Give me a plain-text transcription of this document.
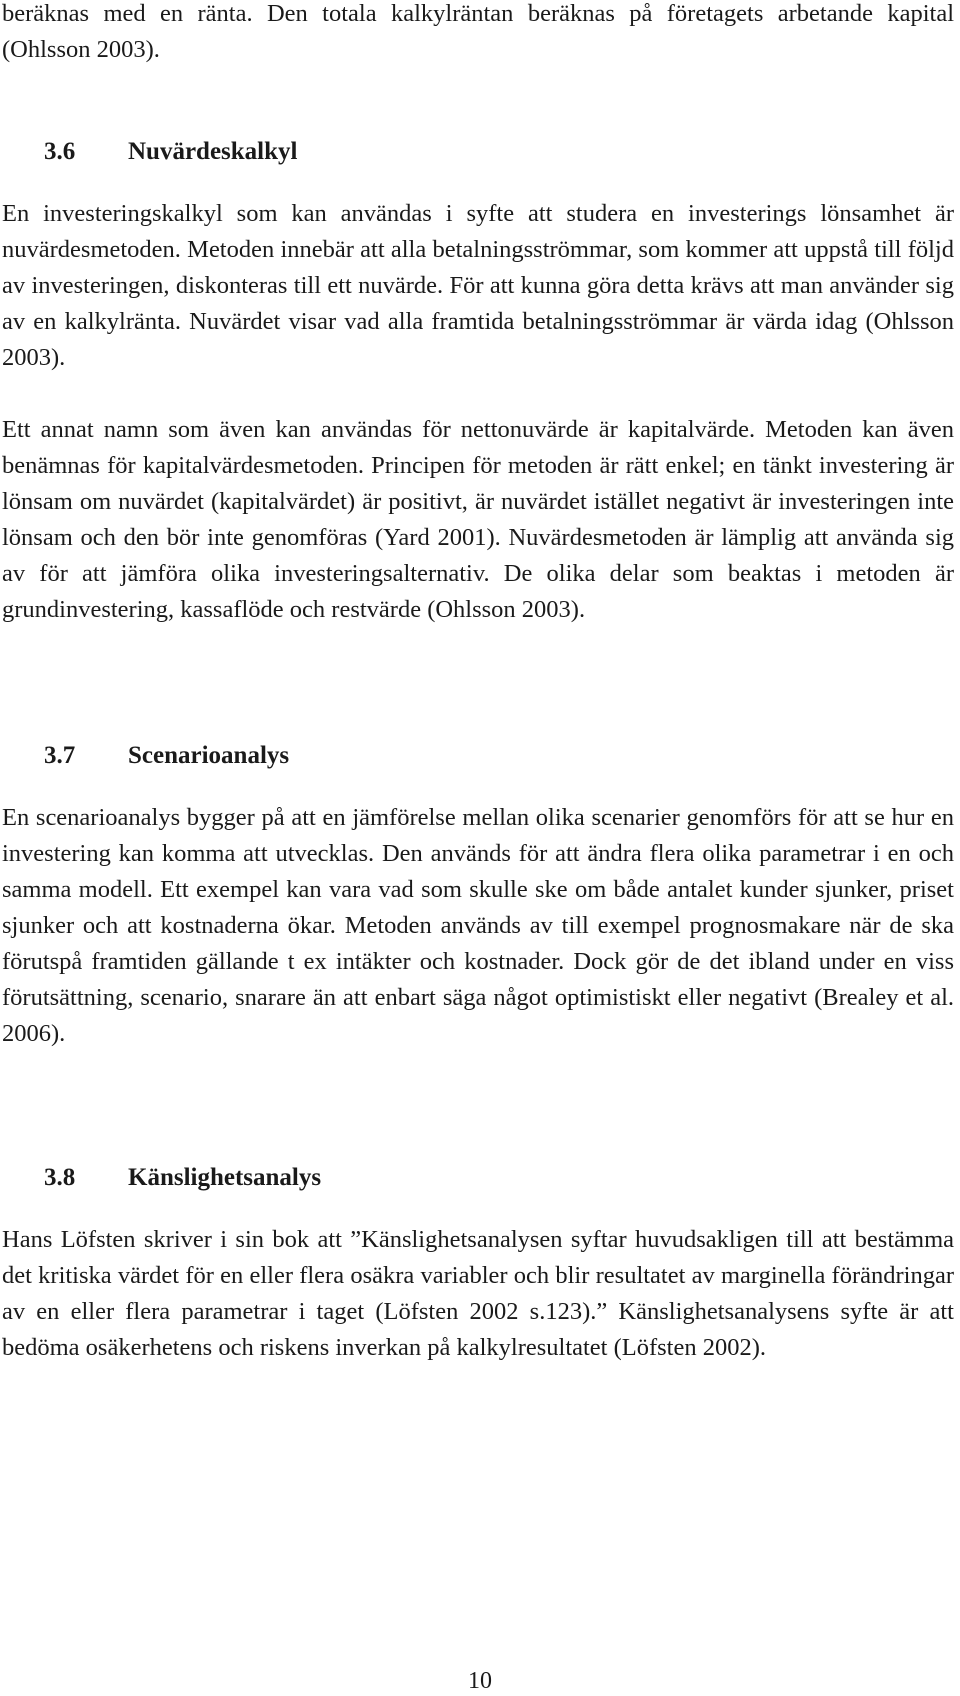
beräknas med en ränta. Den totala kalkylräntan beräknas på företagets arbetande kapital (Ohlsson 2003).

3.6 Nuvärdeskalkyl

En investeringskalkyl som kan användas i syfte att studera en investerings lönsamhet är nuvärdesmetoden. Metoden innebär att alla betalningsströmmar, som kommer att uppstå till följd av investeringen, diskonteras till ett nuvärde. För att kunna göra detta krävs att man använder sig av en kalkylränta. Nuvärdet visar vad alla framtida betalningsströmmar är värda idag (Ohlsson 2003).

Ett annat namn som även kan användas för nettonuvärde är kapitalvärde. Metoden kan även benämnas för kapitalvärdesmetoden. Principen för metoden är rätt enkel; en tänkt investering är lönsam om nuvärdet (kapitalvärdet) är positivt, är nuvärdet istället negativt är investeringen inte lönsam och den bör inte genomföras (Yard 2001). Nuvärdesmetoden är lämplig att använda sig av för att jämföra olika investeringsalternativ. De olika delar som beaktas i metoden är grundinvestering, kassaflöde och restvärde (Ohlsson 2003).

3.7 Scenarioanalys

En scenarioanalys bygger på att en jämförelse mellan olika scenarier genomförs för att se hur en investering kan komma att utvecklas. Den används för att ändra flera olika parametrar i en och samma modell. Ett exempel kan vara vad som skulle ske om både antalet kunder sjunker, priset sjunker och att kostnaderna ökar. Metoden används av till exempel prognosmakare när de ska förutspå framtiden gällande t ex intäkter och kostnader. Dock gör de det ibland under en viss förutsättning, scenario, snarare än att enbart säga något optimistiskt eller negativt (Brealey et al. 2006).

3.8 Känslighetsanalys

Hans Löfsten skriver i sin bok att ”Känslighetsanalysen syftar huvudsakligen till att bestämma det kritiska värdet för en eller flera osäkra variabler och blir resultatet av marginella förändringar av en eller flera parametrar i taget (Löfsten 2002 s.123).” Känslighetsanalysens syfte är att bedöma osäkerhetens och riskens inverkan på kalkylresultatet (Löfsten 2002).

10
